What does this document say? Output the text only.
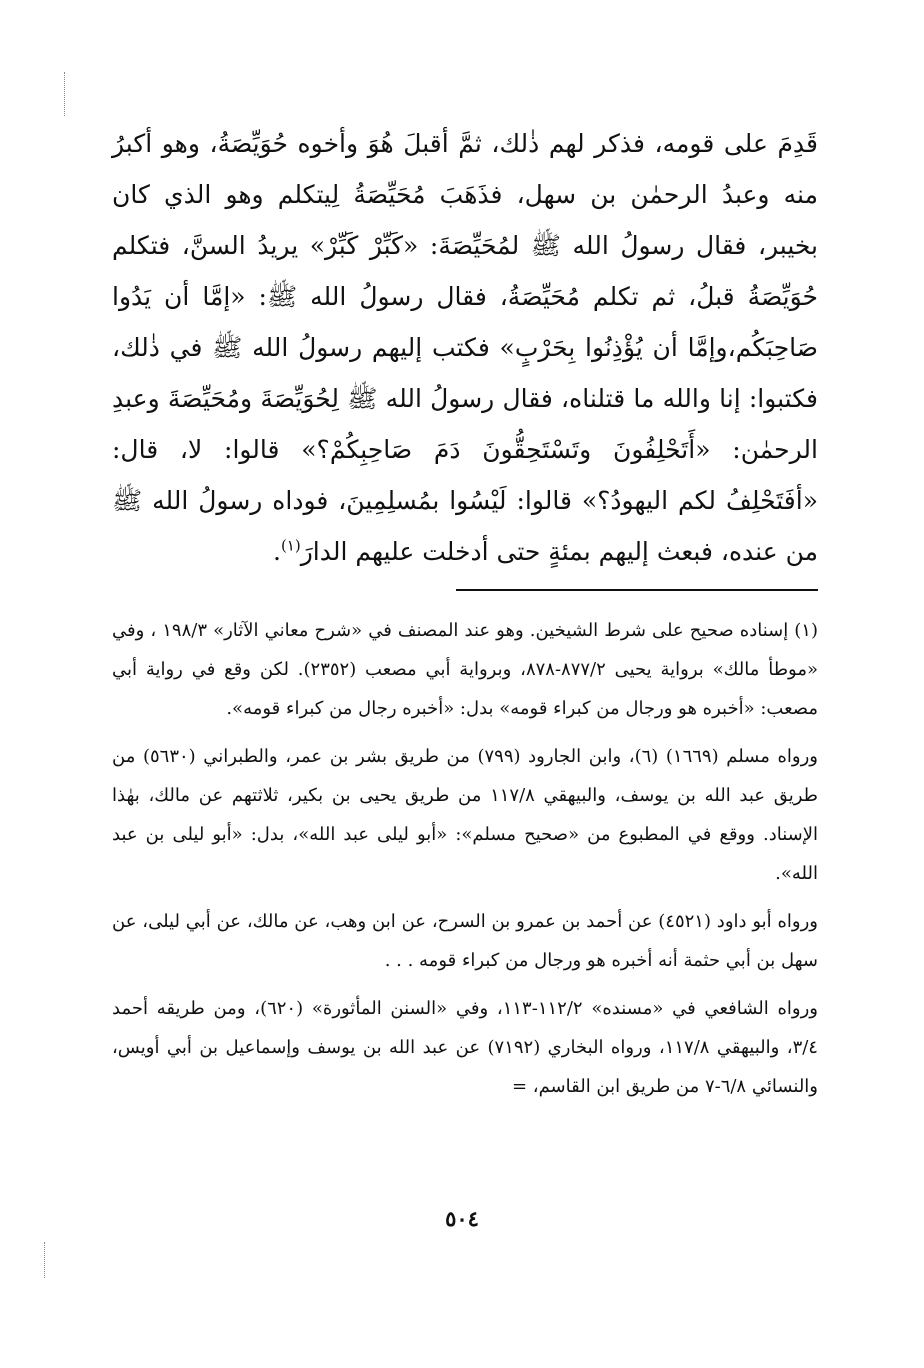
قَدِمَ على قومه، فذكر لهم ذٰلك، ثمَّ أقبلَ هُوَ وأخوه حُوَيِّصَةُ، وهو أكبرُ منه وعبدُ الرحمٰن بن سهل، فذَهَبَ مُحَيِّصَةُ لِيتكلم وهو الذي كان بخيبر، فقال رسولُ الله ﷺ لمُحَيِّصَةَ: «كَبِّرْ كَبِّرْ» يريدُ السنَّ، فتكلم حُوَيِّصَةُ قبلُ، ثم تكلم مُحَيِّصَةُ، فقال رسولُ الله ﷺ: «إمَّا أن يَدُوا صَاحِبَكُم،وإمَّا أن يُؤْذِنُوا بِحَرْبٍ» فكتب إليهم رسولُ الله ﷺ في ذٰلك، فكتبوا: إنا والله ما قتلناه، فقال رسولُ الله ﷺ لِحُوَيِّصَةَ ومُحَيِّصَةَ وعبدِ الرحمٰن: «أَتَحْلِفُونَ وتَسْتَحِقُّونَ دَمَ صَاحِبِكُمْ؟» قالوا: لا، قال: «أفَتَحْلِفُ لكم اليهودُ؟» قالوا: لَيْسُوا بمُسلِمِينَ، فوداه رسولُ الله ﷺ من عنده، فبعث إليهم بمئةٍ حتى أدخلت عليهم الدارَ$^{(١)}$.

(١) إسناده صحيح على شرط الشيخين. وهو عند المصنف في «شرح معاني الآثار» ١٩٨/٣ ، وفي «موطأ مالك» برواية يحيى ٨٧٧/٢-٨٧٨، وبرواية أبي مصعب (٢٣٥٢). لكن وقع في رواية أبي مصعب: «أخبره هو ورجال من كبراء قومه» بدل: «أخبره رجال من كبراء قومه».

ورواه مسلم (١٦٦٩) (٦)، وابن الجارود (٧٩٩) من طريق بشر بن عمر، والطبراني (٥٦٣٠) من طريق عبد الله بن يوسف، والبيهقي ١١٧/٨ من طريق يحيى بن بكير، ثلاثتهم عن مالك، بهٰذا الإسناد. ووقع في المطبوع من «صحيح مسلم»: «أبو ليلى عبد الله»، بدل: «أبو ليلى بن عبد الله».

ورواه أبو داود (٤٥٢١) عن أحمد بن عمرو بن السرح، عن ابن وهب، عن مالك، عن أبي ليلى، عن سهل بن أبي حثمة أنه أخبره هو ورجال من كبراء قومه . . .

ورواه الشافعي في «مسنده» ١١٢/٢-١١٣، وفي «السنن المأثورة» (٦٢٠)، ومن طريقه أحمد ٣/٤، والبيهقي ١١٧/٨، ورواه البخاري (٧١٩٢) عن عبد الله بن يوسف وإسماعيل بن أبي أويس، والنسائي ٦/٨-٧ من طريق ابن القاسم، =

٥٠٤
